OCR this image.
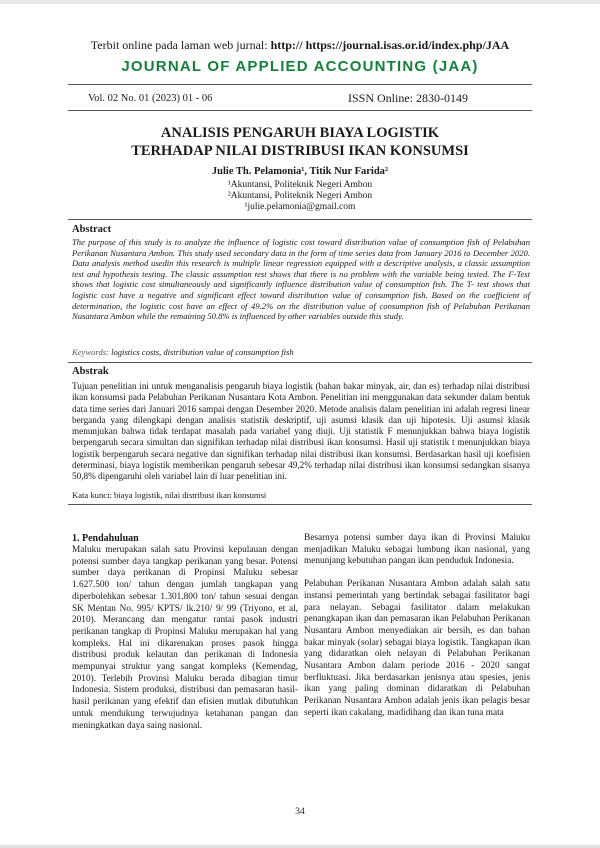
Terbit online pada laman web jurnal: http:// https://journal.isas.or.id/index.php/JAA
JOURNAL OF APPLIED ACCOUNTING (JAA)
Vol. 02 No. 01 (2023) 01 - 06	ISSN Online: 2830-0149
ANALISIS PENGARUH BIAYA LOGISTIK
TERHADAP NILAI DISTRIBUSI IKAN KONSUMSI
Julie Th. Pelamonia¹, Titik Nur Farida²
¹Akuntansi, Politeknik Negeri Ambon
²Akuntansi, Politeknik Negeri Ambon
¹julie.pelamonia@gmail.com
Abstract
The purpose of this study is to analyze the influence of logistic cost toward distribution value of consumption fish of Pelabuhan Perikanan Nusantara Ambon. This study used secondary data in the form of time series data from January 2016 to December 2020. Data analysis method usedin this research is multiple linear regression equipped with a descriptive analysis, a classic assumption test and hypothesis testing. The classic assumption test shows that there is no problem with the variable being tested. The F-Test shows that logistic cost simultaneously and significantly influence distribution value of consumption fish. The T- test shows that logistic cost have a negative and significant effect toward distribution value of consumption fish. Based on the coefficient of determination, the logistic cost have an effect of 49.2% on the distribution value of consumption fish of Pelabuhan Perikanan Nusantara Ambon while the remaining 50.8% is influenced by other variables outside this study.
Keywords: logistics costs, distribution value of consumption fish
Abstrak
Tujuan penelitian ini untuk menganalisis pengaruh biaya logistik (bahan bakar minyak, air, dan es) terhadap nilai distribusi ikan konsumsi pada Pelabuhan Perikanan Nusantara Kota Ambon. Penelitian ini menggunakan data sekunder dalam bentuk data time series dari Januari 2016 sampai dengan Desember 2020. Metode analisis dalam penelitian ini adalah regresi linear berganda yang dilengkapi dengan analisis statistik deskriptif, uji asumsi klasik dan uji hipotesis. Uji asumsi klasik menunjukan bahwa tidak terdapat masalah pada variabel yang diuji. Uji statistik F menunjukkan bahwa biaya logistik berpengaruh secara simultan dan signifikan terhadap nilai distribusi ikan konsumsi. Hasil uji statistik t menunjukkan biaya logistik berpengaruh secara negative dan signifikan terhadap nilai distribusi ikan konsumsi. Berdasarkan hasil uji koefisien determinasi, biaya logistik memberikan pengaruh sebesar 49,2% terhadap nilai distribusi ikan konsumsi sedangkan sisanya 50,8% dipengaruhi oleh variabel lain di luar penelitian ini.
Kata kunci: biaya logistik, nilai distribusi ikan konsumsi
1. Pendahuluan

Maluku merupakan salah satu Provinsi kepulauan dengan potensi sumber daya tangkap perikanan yang besar. Potensi sumber daya perikanan di Propinsi Maluku sebesar 1.627.500 ton/ tahun dengan jumlah tangkapan yang diperbolehkan sebesar 1.301.800 ton/ tahun sesuai dengan SK Mentan No. 995/ KPTS/ lk.210/ 9/ 99 (Triyono, et al, 2010). Merancang dan mengatur rantai pasok industri perikanan tangkap di Propinsi Maluku merupakan hal yang kompleks. Hal ini dikarenakan proses pasok hingga distribusi produk kelautan dan perikanan di Indonesia mempunyai struktur yang sangat kompleks (Kemendag, 2010). Terlebih Provinsi Maluku berada dibagian timur Indonesia. Sistem produksi, distribusi dan pemasaran hasil-hasil perikanan yang efektif dan efisien mutlak dibutuhkan untuk mendukung terwujudnya ketahanan pangan dan meningkatkan daya saing nasional.

Besarnya potensi sumber daya ikan di Provinsi Maluku menjadikan Maluku sebagai lumbung ikan nasional, yang menunjang kebutuhan pangan ikan penduduk Indonesia.

Pelabuhan Perikanan Nusantara Ambon adalah salah satu instansi pemerintah yang bertindak sebagai fasilitator bagi para nelayan. Sebagai fasilitator dalam melakukan penangkapan ikan dan pemasaran ikan Pelabuhan Perikanan Nusantara Ambon menyediakan air bersih, es dan bahan bakar minyak (solar) sebagai biaya logistik. Tangkapan ikan yang didaratkan oleh nelayan di Pelabuhan Perikanan Nusantara Ambon dalam periode 2016 - 2020 sangat berfluktuasi. Jika berdasarkan jenisnya atau spesies, jenis ikan yang paling dominan didaratkan di Pelabuhan Perikanan Nusantara Ambon adalah jenis ikan pelagis besar seperti ikan cakalang, madidihang dan ikan tuna mata

34
